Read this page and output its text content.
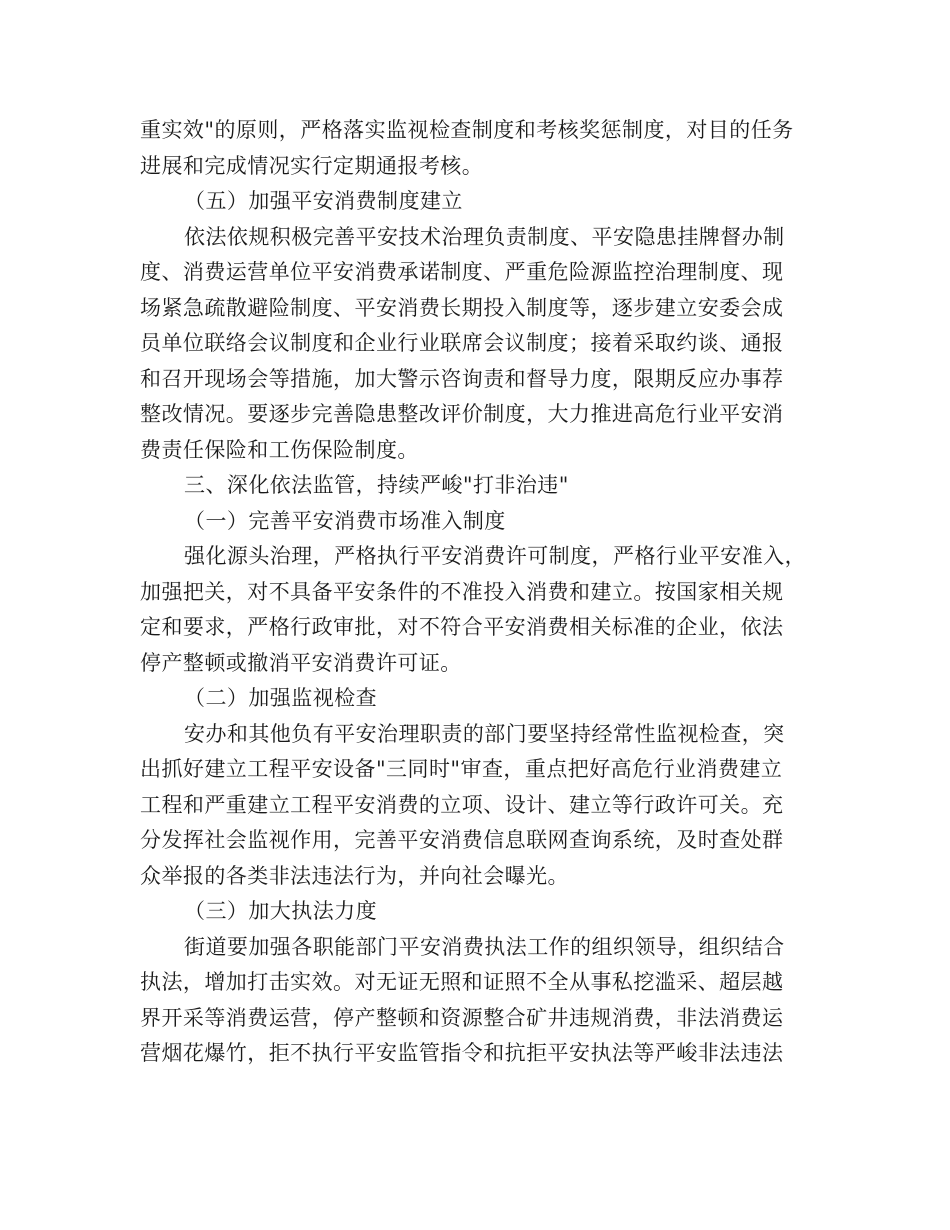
重实效"的原则，严格落实监视检查制度和考核奖惩制度，对目的任务
进展和完成情况实行定期通报考核。
（五）加强平安消费制度建立
依法依规积极完善平安技术治理负责制度、平安隐患挂牌督办制
度、消费运营单位平安消费承诺制度、严重危险源监控治理制度、现
场紧急疏散避险制度、平安消费长期投入制度等，逐步建立安委会成
员单位联络会议制度和企业行业联席会议制度；接着采取约谈、通报
和召开现场会等措施，加大警示咨询责和督导力度，限期反应办事荐
整改情况。要逐步完善隐患整改评价制度，大力推进高危行业平安消
费责任保险和工伤保险制度。
三、深化依法监管，持续严峻"打非治违"
（一）完善平安消费市场准入制度
强化源头治理，严格执行平安消费许可制度，严格行业平安准入，
加强把关，对不具备平安条件的不准投入消费和建立。按国家相关规
定和要求，严格行政审批，对不符合平安消费相关标准的企业，依法
停产整顿或撤消平安消费许可证。
（二）加强监视检查
安办和其他负有平安治理职责的部门要坚持经常性监视检查，突
出抓好建立工程平安设备"三同时"审查，重点把好高危行业消费建立
工程和严重建立工程平安消费的立项、设计、建立等行政许可关。充
分发挥社会监视作用，完善平安消费信息联网查询系统，及时查处群
众举报的各类非法违法行为，并向社会曝光。
（三）加大执法力度
街道要加强各职能部门平安消费执法工作的组织领导，组织结合
执法，增加打击实效。对无证无照和证照不全从事私挖滥采、超层越
界开采等消费运营，停产整顿和资源整合矿井违规消费，非法消费运
营烟花爆竹，拒不执行平安监管指令和抗拒平安执法等严峻非法违法
